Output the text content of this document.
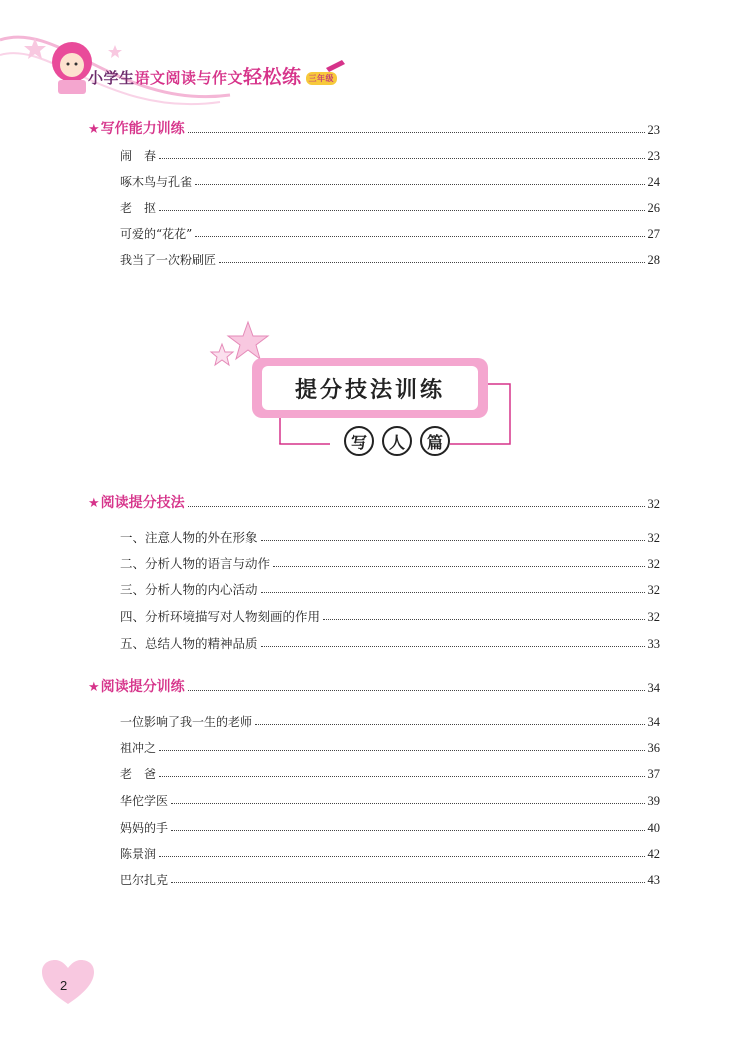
小学生语文阅读与作文轻松练 三年级
★写作能力训练	23
闹　春	23
啄木鸟与孔雀	24
老　抠	26
可爱的“花花”	27
我当了一次粉刷匠	28
提分技法训练
写	人	篇
★阅读提分技法	32
一、注意人物的外在形象	32
二、分析人物的语言与动作	32
三、分析人物的内心活动	32
四、分析环境描写对人物刻画的作用	32
五、总结人物的精神品质	33
★阅读提分训练	34
一位影响了我一生的老师	34
祖冲之	36
老　爸	37
华佗学医	39
妈妈的手	40
陈景润	42
巴尔扎克	43
2
